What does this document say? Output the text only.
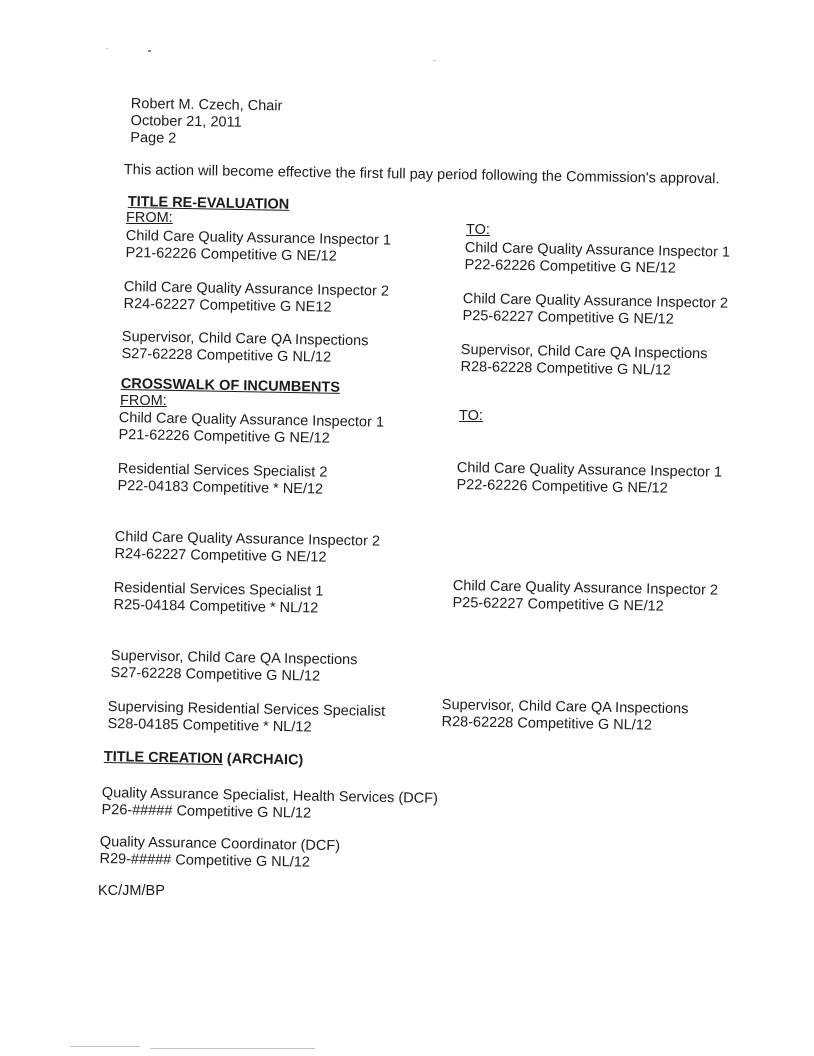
Robert M. Czech, Chair
October 21, 2011
Page 2
This action will become effective the first full pay period following the Commission's approval.
TITLE RE-EVALUATION
FROM:
TO:
Child Care Quality Assurance Inspector 1
P21-62226 Competitive G NE/12
Child Care Quality Assurance Inspector 2
R24-62227 Competitive G NE12
Supervisor, Child Care QA Inspections
S27-62228 Competitive G NL/12
Child Care Quality Assurance Inspector 1
P22-62226 Competitive G NE/12
Child Care Quality Assurance Inspector 2
P25-62227 Competitive G NE/12
Supervisor, Child Care QA Inspections
R28-62228 Competitive G NL/12
CROSSWALK OF INCUMBENTS
FROM:
TO:
Child Care Quality Assurance Inspector 1
P21-62226 Competitive G NE/12
Residential Services Specialist 2
P22-04183 Competitive * NE/12
Child Care Quality Assurance Inspector 2
R24-62227 Competitive G NE/12
Residential Services Specialist 1
R25-04184 Competitive * NL/12
Supervisor, Child Care QA Inspections
S27-62228 Competitive G NL/12
Supervising Residential Services Specialist
S28-04185 Competitive * NL/12
Child Care Quality Assurance Inspector 1
P22-62226 Competitive G NE/12
Child Care Quality Assurance Inspector 2
P25-62227 Competitive G NE/12
Supervisor, Child Care QA Inspections
R28-62228 Competitive G NL/12
TITLE CREATION (ARCHAIC)
Quality Assurance Specialist, Health Services (DCF)
P26-##### Competitive G NL/12
Quality Assurance Coordinator (DCF)
R29-##### Competitive G NL/12
KC/JM/BP
